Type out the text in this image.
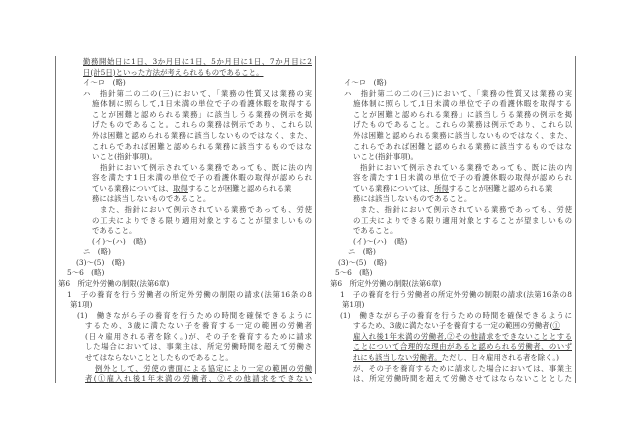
勤務開始日に1日、3か月目に1日、5か月目に1日、7か月目に2
日(計5日)といった方法が考えられるものであること。
イ～ロ　(略)
ハ　指針第二の二の(三)において、「業務の性質又は業務の実
施体制に照らして,1日未満の単位で子の看護休暇を取得する
ことが困難と認められる業務」に該当しうる業務の例示を掲
げたものであること。これらの業務は例示であり、これら以
外は困難と認められる業務に該当しないものではなく、また、
これらであれば困難と認められる業務に該当するものではな
いこと(指針事項)。
指針において例示されている業務であっても、既に法の内
容を満たす1日未満の単位で子の看護休暇の取得が認められ
ている業務については、取得することが困難と認められる業
務には該当しないものであること。
また、指針において例示されている業務であっても、労使
の工夫によりできる限り適用対象とすることが望ましいもの
であること。
(イ)～(ハ)　(略)
ニ　(略)
(3)～(5)　(略)
5～6　(略)
第6　所定外労働の制限(法第6章)
1　子の養育を行う労働者の所定外労働の制限の請求(法第16条の8
第1項)
(1)　働きながら子の養育を行うための時間を確保できるように
するため、3歳に満たない子を養育する一定の範囲の労働者
(日々雇用される者を除く。)が、その子を養育するために請求
した場合においては、事業主は、所定労働時間を超えて労働さ
せてはならないこととしたものであること。
例外として、労使の書面による協定により一定の範囲の労働
者(①雇入れ後1年未満の労働者、②その他請求をできない
イ～ロ　(略)
ハ　指針第二の二の(三)において、「業務の性質又は業務の実
施体制に照らして,1日未満の単位で子の看護休暇を取得する
ことが困難と認められる業務」に該当しうる業務の例示を掲
げたものであること。これらの業務は例示であり、これら以
外は困難と認められる業務に該当しないものではなく、また、
これらであれば困難と認められる業務に該当するものではな
いこと(指針事項)。
指針において例示されている業務であっても、既に法の内
容を満たす1日未満の単位で子の看護休暇の取得が認められ
ている業務については、所得することが困難と認められる業
務には該当しないものであること。
また、指針において例示されている業務であっても、労使
の工夫によりできる限り適用対象とすることが望ましいもの
であること。
(イ)～(ハ)　(略)
ニ　(略)
(3)～(5)　(略)
5～6　(略)
第6　所定外労働の制限(法第6章)
1　子の養育を行う労働者の所定外労働の制限の請求(法第16条の8
第1項)
(1)　働きながら子の養育を行うための時間を確保できるように
するため、3歳に満たない子を養育する一定の範囲の労働者(①
雇入れ後1年未満の労働者,②その他請求をできないこととする
ことについて合理的な理由があると認められる労働者、のいず
れにも該当しない労働者。ただし、日々雇用される者を除く。)
が、その子を養育するために請求した場合においては、事業主
は、所定労働時間を超えて労働させてはならないこととした
